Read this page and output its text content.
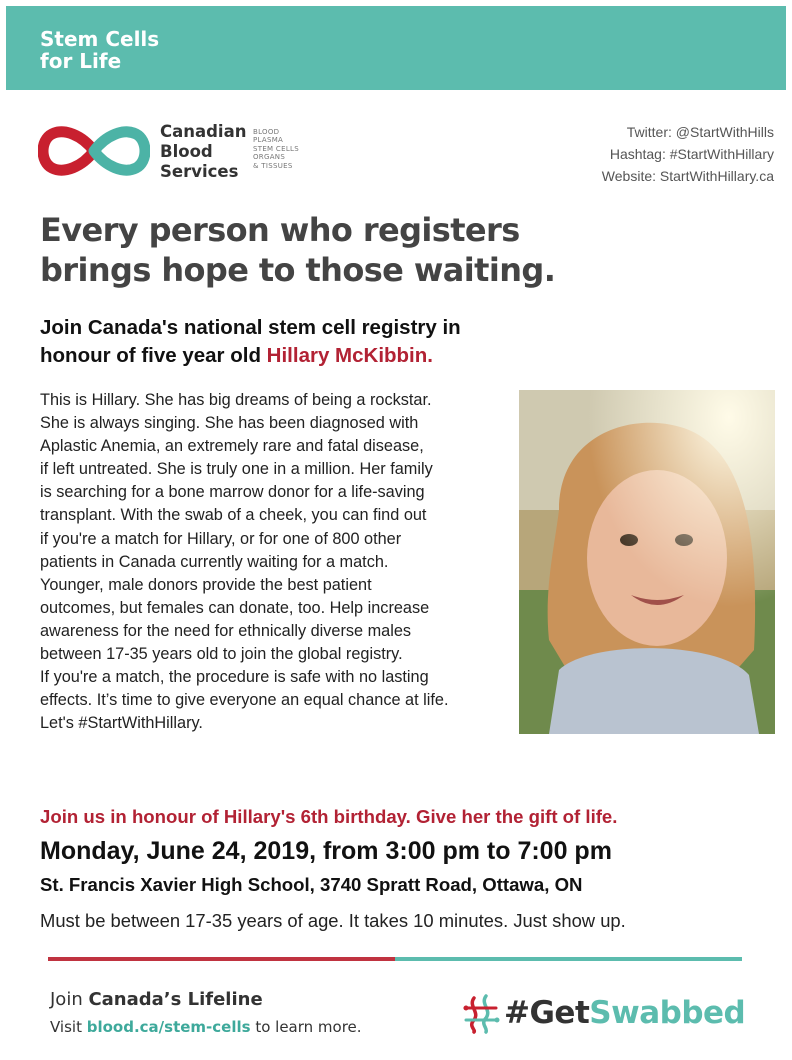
Stem Cells
for Life
Canadian
Blood
Services
BLOOD
PLASMA
STEM CELLS
ORGANS
& TISSUES
Twitter: @StartWithHills
Hashtag: #StartWithHillary
Website: StartWithHillary.ca
Every person who registers
brings hope to those waiting.
Join Canada's national stem cell registry in
honour of five year old Hillary McKibbin.
This is Hillary. She has big dreams of being a rockstar.
She is always singing. She has been diagnosed with
Aplastic Anemia, an extremely rare and fatal disease,
if left untreated. She is truly one in a million. Her family
is searching for a bone marrow donor for a life-saving
transplant. With the swab of a cheek, you can find out
if you're a match for Hillary, or for one of 800 other
patients in Canada currently waiting for a match.
Younger, male donors provide the best patient
outcomes, but females can donate, too. Help increase
awareness for the need for ethnically diverse males
between 17-35 years old to join the global registry.
If you're a match, the procedure is safe with no lasting
effects. It’s time to give everyone an equal chance at life.
Let's #StartWithHillary.
Join us in honour of Hillary's 6th birthday. Give her the gift of life.
Monday, June 24, 2019, from 3:00 pm to 7:00 pm
St. Francis Xavier High School, 3740 Spratt Road, Ottawa, ON
Must be between 17-35 years of age. It takes 10 minutes. Just show up.
Join Canada’s Lifeline
Visit blood.ca/stem-cells to learn more.	#GetSwabbed
